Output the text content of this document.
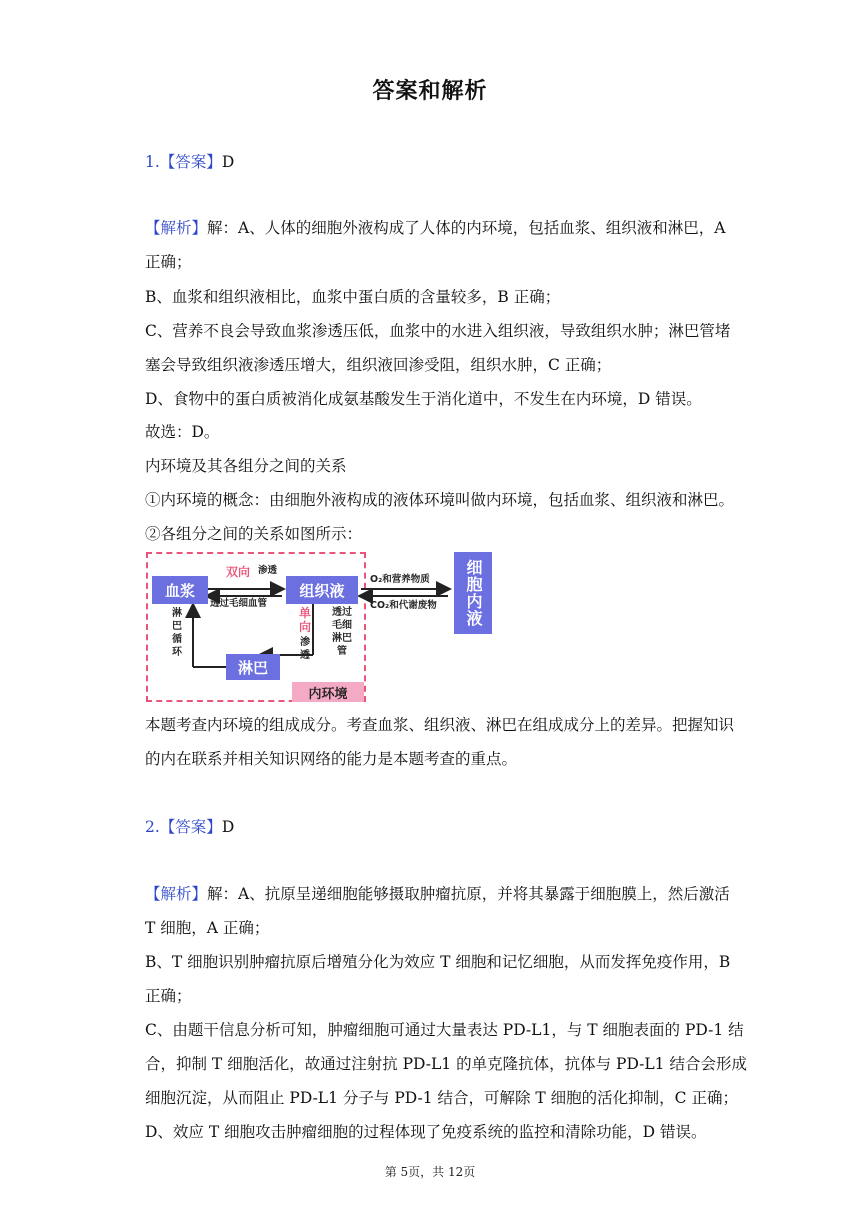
答案和解析
1.【答案】D
【解析】解：A、人体的细胞外液构成了人体的内环境，包括血浆、组织液和淋巴，A
正确；
B、血浆和组织液相比，血浆中蛋白质的含量较多，B 正确；
C、营养不良会导致血浆渗透压低，血浆中的水进入组织液，导致组织水肿；淋巴管堵
塞会导致组织液渗透压增大，组织液回渗受阻，组织水肿，C 正确；
D、食物中的蛋白质被消化成氨基酸发生于消化道中，不发生在内环境，D 错误。
故选：D。
内环境及其各组分之间的关系
①内环境的概念：由细胞外液构成的液体环境叫做内环境，包括血浆、组织液和淋巴。
②各组分之间的关系如图所示：
血浆	组织液
淋巴
细胞内液
内环境
双向 渗透
透过毛细血管
淋巴循环
单向
渗透
透过毛细淋巴管
O₂和营养物质
CO₂和代谢废物
本题考查内环境的组成成分。考查血浆、组织液、淋巴在组成成分上的差异。把握知识
的内在联系并相关知识网络的能力是本题考查的重点。
2.【答案】D
【解析】解：A、抗原呈递细胞能够摄取肿瘤抗原，并将其暴露于细胞膜上，然后激活
T 细胞，A 正确；
B、T 细胞识别肿瘤抗原后增殖分化为效应 T 细胞和记忆细胞，从而发挥免疫作用，B
正确；
C、由题干信息分析可知，肿瘤细胞可通过大量表达 PD-L1，与 T 细胞表面的 PD-1 结
合，抑制 T 细胞活化，故通过注射抗 PD-L1 的单克隆抗体，抗体与 PD-L1 结合会形成
细胞沉淀，从而阻止 PD-L1 分子与 PD-1 结合，可解除 T 细胞的活化抑制，C 正确；
D、效应 T 细胞攻击肿瘤细胞的过程体现了免疫系统的监控和清除功能，D 错误。
第 5页，共 12页
